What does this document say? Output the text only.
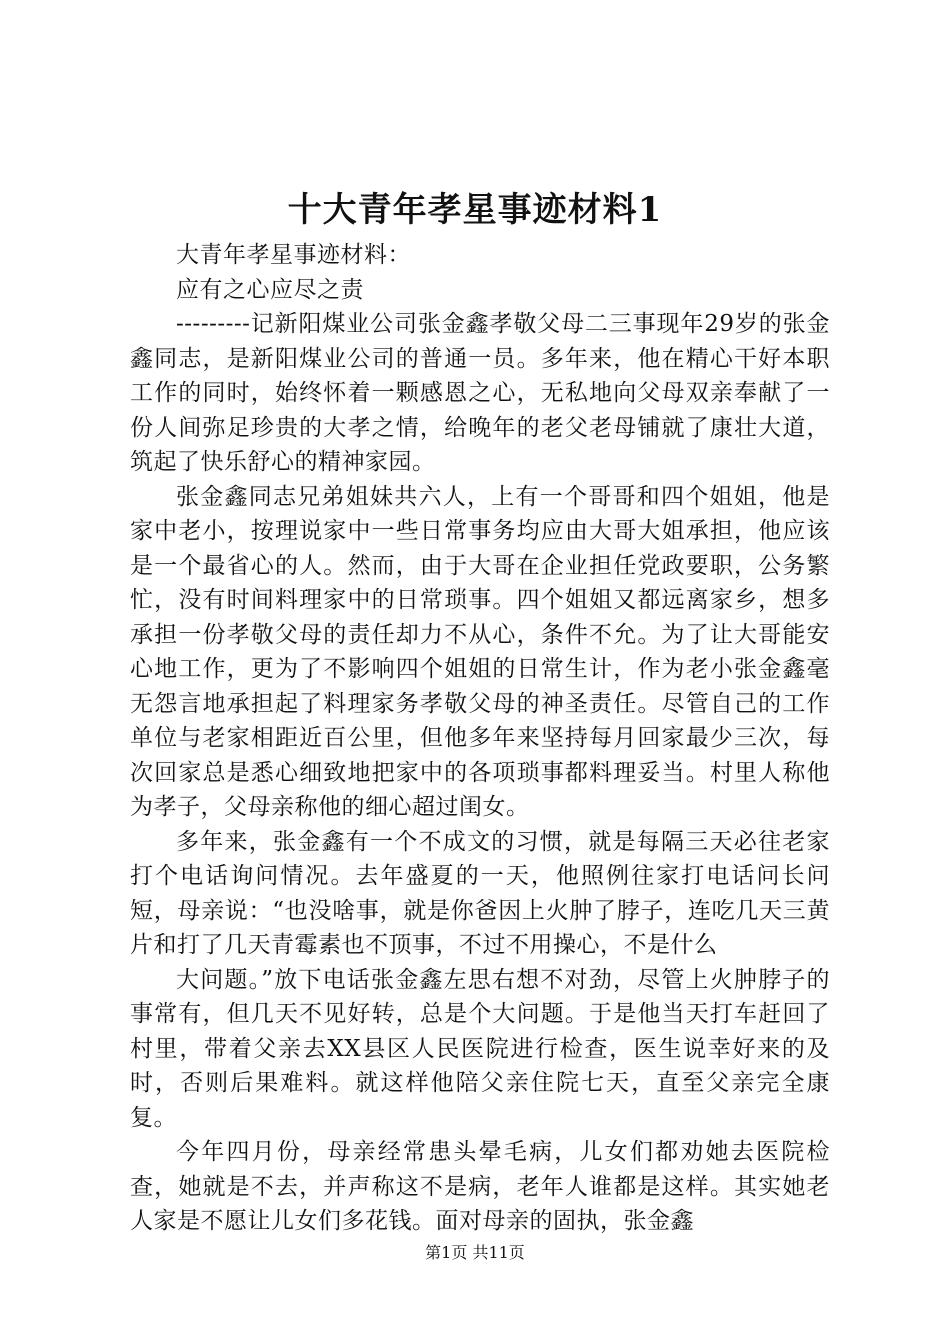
十大青年孝星事迹材料1

大青年孝星事迹材料：

应有之心应尽之责

---------记新阳煤业公司张金鑫孝敬父母二三事现年29岁的张金鑫同志，是新阳煤业公司的普通一员。多年来，他在精心干好本职工作的同时，始终怀着一颗感恩之心，无私地向父母双亲奉献了一份人间弥足珍贵的大孝之情，给晚年的老父老母铺就了康壮大道，筑起了快乐舒心的精神家园。

张金鑫同志兄弟姐妹共六人，上有一个哥哥和四个姐姐，他是家中老小，按理说家中一些日常事务均应由大哥大姐承担，他应该是一个最省心的人。然而，由于大哥在企业担任党政要职，公务繁忙，没有时间料理家中的日常琐事。四个姐姐又都远离家乡，想多承担一份孝敬父母的责任却力不从心，条件不允。为了让大哥能安心地工作，更为了不影响四个姐姐的日常生计，作为老小张金鑫毫无怨言地承担起了料理家务孝敬父母的神圣责任。尽管自己的工作单位与老家相距近百公里，但他多年来坚持每月回家最少三次，每次回家总是悉心细致地把家中的各项琐事都料理妥当。村里人称他为孝子，父母亲称他的细心超过闺女。

多年来，张金鑫有一个不成文的习惯，就是每隔三天必往老家打个电话询问情况。去年盛夏的一天，他照例往家打电话问长问短，母亲说：“也没啥事，就是你爸因上火肿了脖子，连吃几天三黄片和打了几天青霉素也不顶事，不过不用操心，不是什么

大问题。”放下电话张金鑫左思右想不对劲，尽管上火肿脖子的事常有，但几天不见好转，总是个大问题。于是他当天打车赶回了村里，带着父亲去XX县区人民医院进行检查，医生说幸好来的及时，否则后果难料。就这样他陪父亲住院七天，直至父亲完全康复。

今年四月份，母亲经常患头晕毛病，儿女们都劝她去医院检查，她就是不去，并声称这不是病，老年人谁都是这样。其实她老人家是不愿让儿女们多花钱。面对母亲的固执，张金鑫

第1页 共11页
